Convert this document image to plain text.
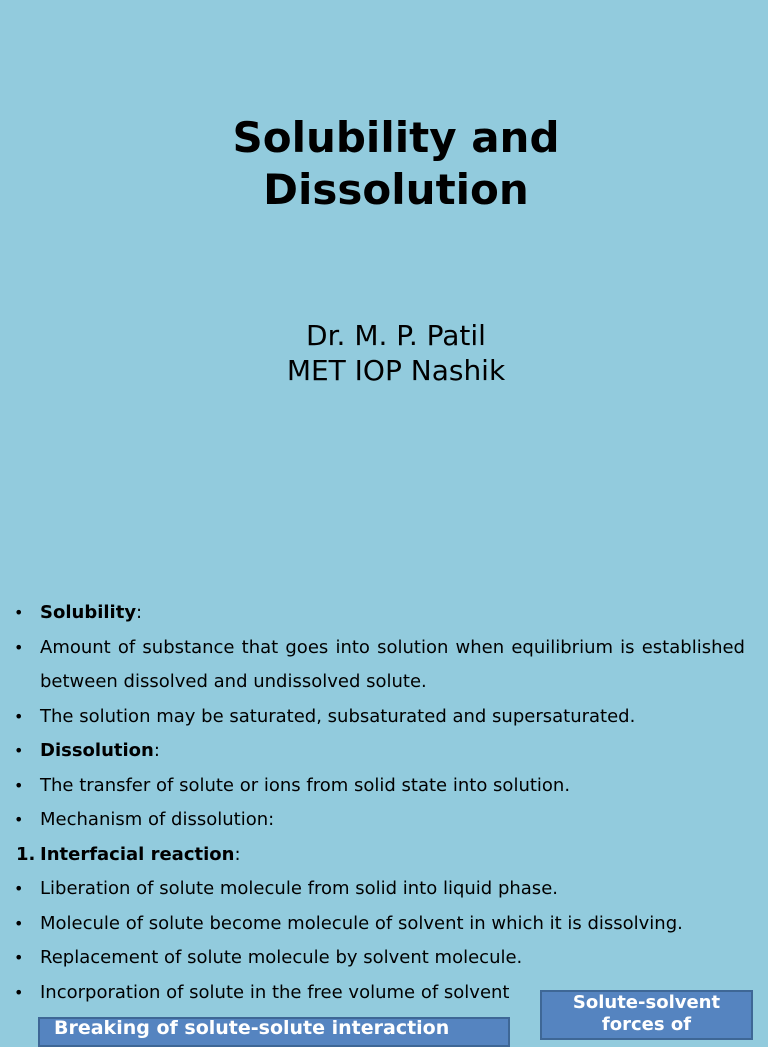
Solubility and
Dissolution
Dr. M. P. Patil
MET IOP Nashik
• Solubility:
• Amount of substance that goes into solution when equilibrium is established between dissolved and undissolved solute.
• The solution may be saturated, subsaturated and supersaturated.
• Dissolution:
• The transfer of solute or ions from solid state into solution.
• Mechanism of dissolution:
1. Interfacial reaction:
• Liberation of solute molecule from solid into liquid phase.
• Molecule of solute become molecule of solvent in which it is dissolving.
• Replacement of solute molecule by solvent molecule.
• Incorporation of solute in the free volume of solvent
Breaking of solute-solute interaction
Solute-solvent
forces of
